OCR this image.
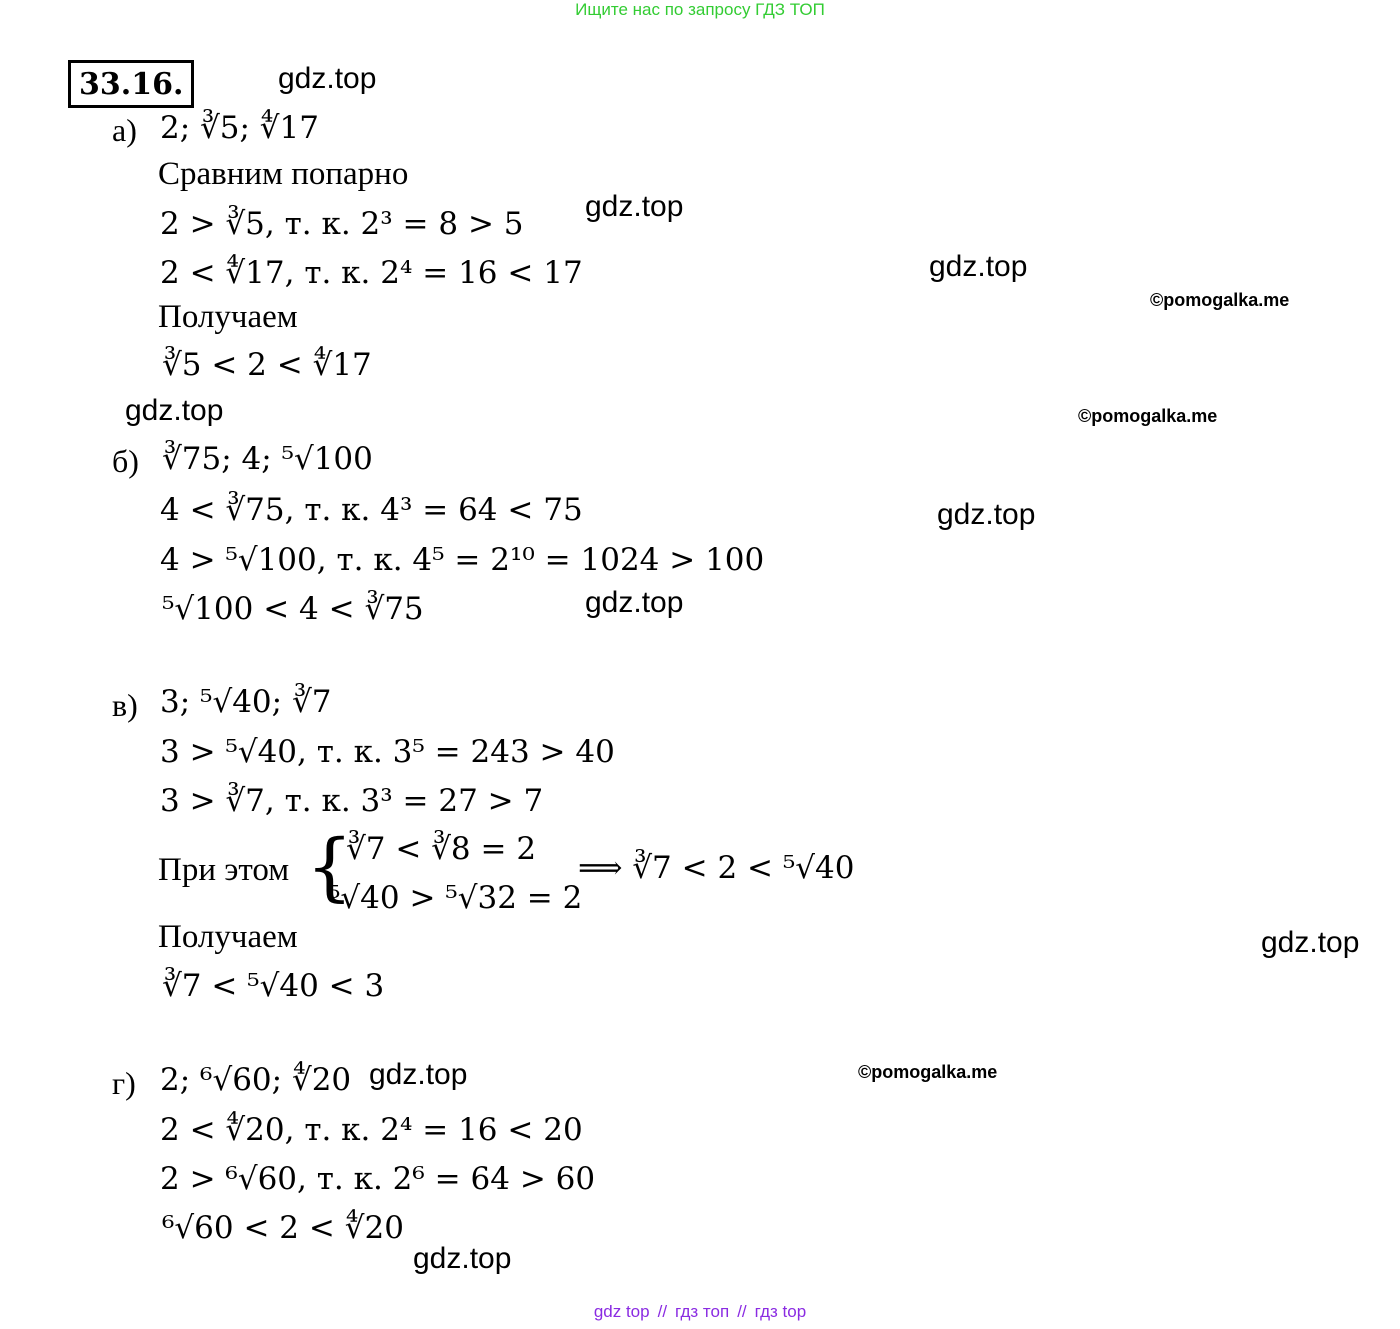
Ищите нас по запросу ГДЗ ТОП
33.16.	gdz.top
gdz.top
gdz.top
©pomogalka.me
gdz.top	©pomogalka.me
gdz.top
gdz.top
gdz.top
gdz.top	©pomogalka.me
gdz.top
а) 2; ∛5; ∜17
Сравним попарно
2 > ∛5, т. к. 2³ = 8 > 5
2 < ∜17, т. к. 2⁴ = 16 < 17
Получаем
∛5 < 2 < ∜17
б) ∛75; 4; ⁵√100
4 < ∛75, т. к. 4³ = 64 < 75
4 > ⁵√100, т. к. 4⁵ = 2¹⁰ = 1024 > 100
⁵√100 < 4 < ∛75
в) 3; ⁵√40; ∛7
3 > ⁵√40, т. к. 3⁵ = 243 > 40
3 > ∛7, т. к. 3³ = 27 > 7
При этом {
∛7 < ∛8 = 2
⁵√40 > ⁵√32 = 2
⟹ ∛7 < 2 < ⁵√40
Получаем
∛7 < ⁵√40 < 3
г) 2; ⁶√60; ∜20
2 < ∜20, т. к. 2⁴ = 16 < 20
2 > ⁶√60, т. к. 2⁶ = 64 > 60
⁶√60 < 2 < ∜20
gdz top // гдз топ // гдз top
